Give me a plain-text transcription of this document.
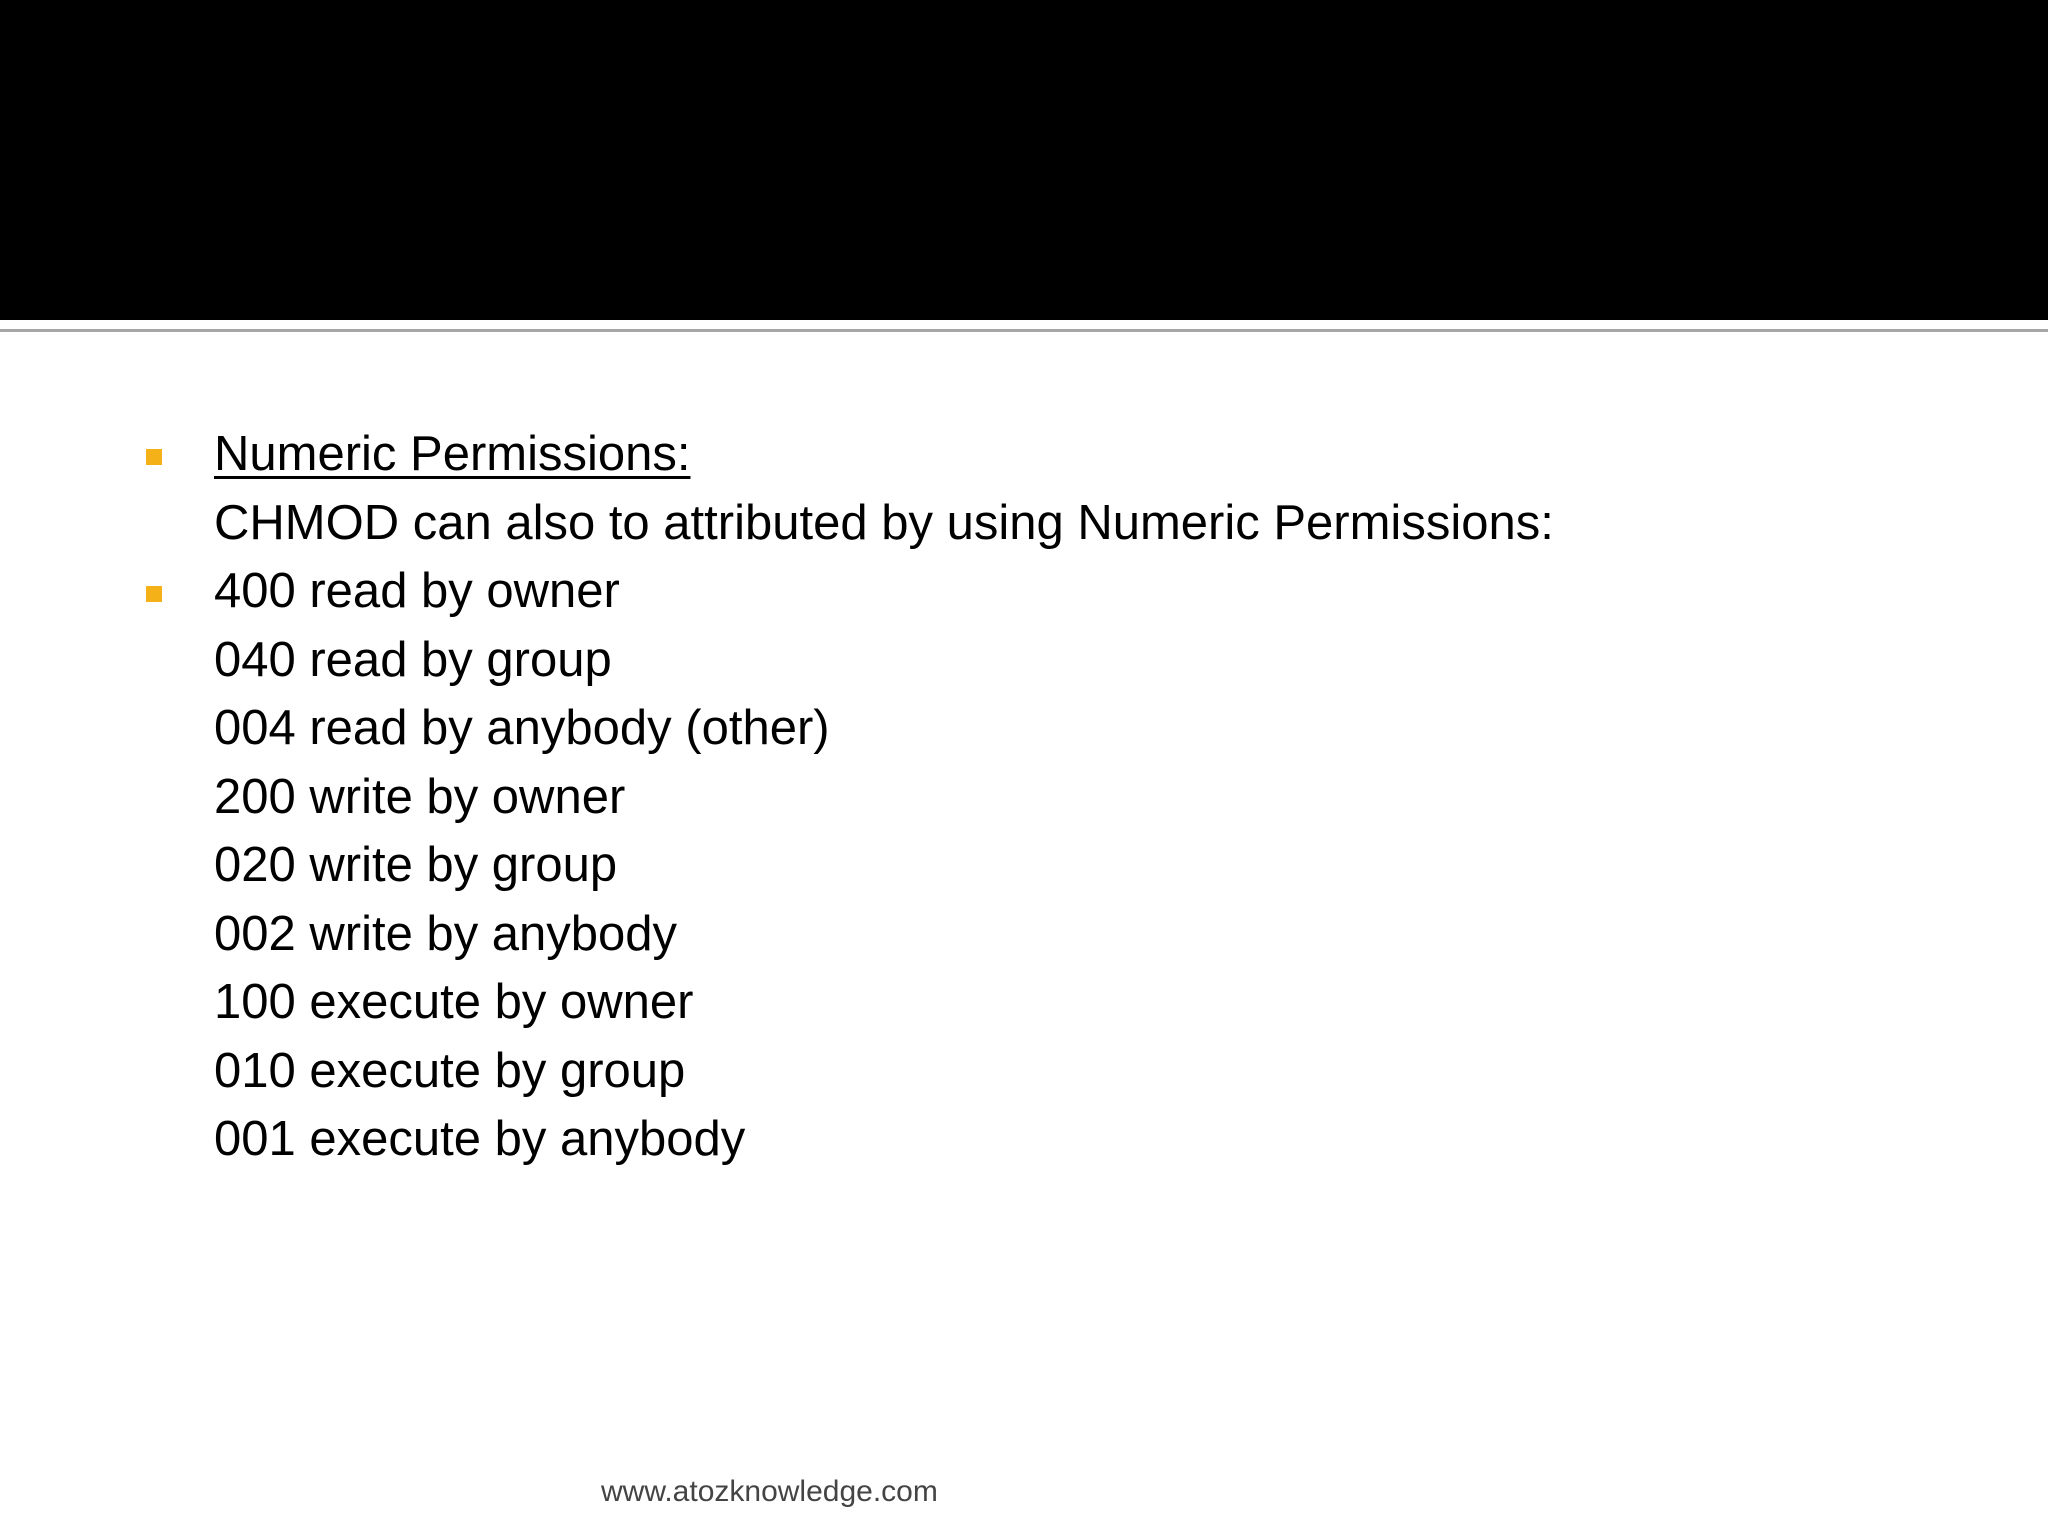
Numeric Permissions:
CHMOD can also to attributed by using Numeric Permissions:
400 read by owner
040 read by group
004 read by anybody (other)
200 write by owner
020 write by group
002 write by anybody
100 execute by owner
010 execute by group
001 execute by anybody
www.atozknowledge.com
